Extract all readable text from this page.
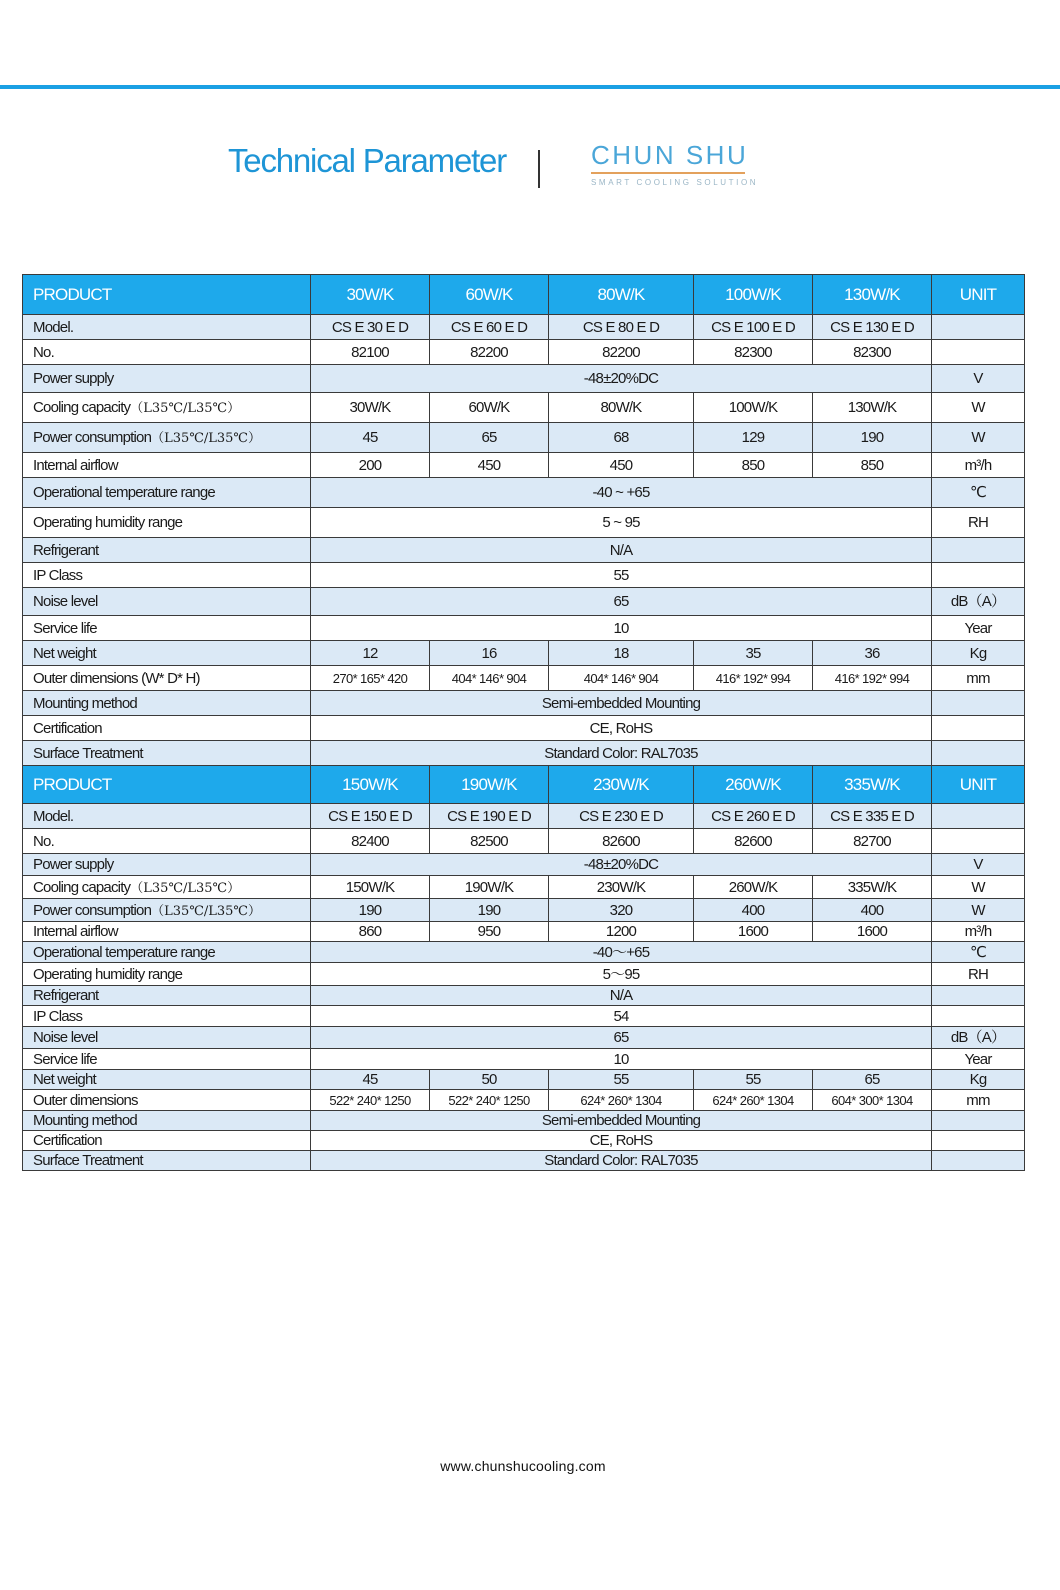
Technical Parameter	CHUN SHU
SMART COOLING SOLUTION
PRODUCT	30W/K	60W/K	80W/K	100W/K	130W/K	UNIT
Model.	CS E 30 E D	CS E 60 E D	CS E 80 E D	CS E 100 E D	CS E 130 E D	
No.	82100	82200	82200	82300	82300	
Power supply	-48±20%DC					V
Cooling capacity（L35℃/L35℃）	30W/K	60W/K	80W/K	100W/K	130W/K	W
Power consumption（L35℃/L35℃）	45	65	68	129	190	W
Internal airflow	200	450	450	850	850	m³/h
Operational temperature range	-40 ~ +65					℃
Operating humidity range	5 ~ 95					RH
Refrigerant	N/A					
IP Class	55					
Noise level	65					dB（A）
Service life	10					Year
Net weight	12	16	18	35	36	Kg
Outer dimensions (W* D* H)	270* 165* 420	404* 146* 904	404* 146* 904	416* 192* 994	416* 192* 994	mm
Mounting method	Semi-embedded Mounting					
Certification	CE, RoHS					
Surface Treatment	Standard Color: RAL7035					
PRODUCT	150W/K	190W/K	230W/K	260W/K	335W/K	UNIT
Model.	CS E 150 E D	CS E 190 E D	CS E 230 E D	CS E 260 E D	CS E 335 E D	
No.	82400	82500	82600	82600	82700	
Power supply	-48±20%DC					V
Cooling capacity（L35℃/L35℃）	150W/K	190W/K	230W/K	260W/K	335W/K	W
Power consumption（L35℃/L35℃）	190	190	320	400	400	W
Internal airflow	860	950	1200	1600	1600	m³/h
Operational temperature range	-40～+65					℃
Operating humidity range	5～95					RH
Refrigerant	N/A					
IP Class	54					
Noise level	65					dB（A）
Service life	10					Year
Net weight	45	50	55	55	65	Kg
Outer dimensions	522* 240* 1250	522* 240* 1250	624* 260* 1304	624* 260* 1304	604* 300* 1304	mm
Mounting method	Semi-embedded Mounting					
Certification	CE, RoHS					
Surface Treatment	Standard Color: RAL7035					
www.chunshucooling.com
